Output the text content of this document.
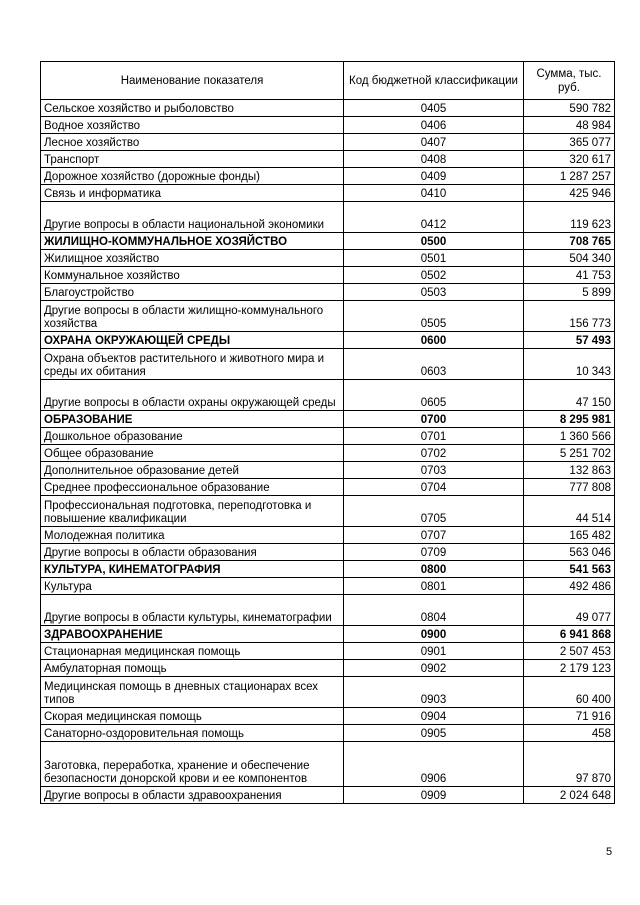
Наименование показателя	Код бюджетной классификации	Сумма, тыс. руб.
Сельское хозяйство и рыболовство	0405	590 782
Водное хозяйство	0406	48 984
Лесное хозяйство	0407	365 077
Транспорт	0408	320 617
Дорожное хозяйство (дорожные фонды)	0409	1 287 257
Связь и информатика	0410	425 946
Другие вопросы в области национальной экономики	0412	119 623
ЖИЛИЩНО-КОММУНАЛЬНОЕ ХОЗЯЙСТВО	0500	708 765
Жилищное хозяйство	0501	504 340
Коммунальное хозяйство	0502	41 753
Благоустройство	0503	5 899
Другие вопросы в области жилищно-коммунального хозяйства	0505	156 773
ОХРАНА ОКРУЖАЮЩЕЙ СРЕДЫ	0600	57 493
Охрана объектов растительного и животного мира и среды их обитания	0603	10 343
Другие вопросы в области охраны окружающей среды	0605	47 150
ОБРАЗОВАНИЕ	0700	8 295 981
Дошкольное образование	0701	1 360 566
Общее образование	0702	5 251 702
Дополнительное образование детей	0703	132 863
Среднее профессиональное образование	0704	777 808
Профессиональная подготовка, переподготовка и повышение квалификации	0705	44 514
Молодежная политика	0707	165 482
Другие вопросы в области образования	0709	563 046
КУЛЬТУРА, КИНЕМАТОГРАФИЯ	0800	541 563
Культура	0801	492 486
Другие вопросы в области культуры, кинематографии	0804	49 077
ЗДРАВООХРАНЕНИЕ	0900	6 941 868
Стационарная медицинская помощь	0901	2 507 453
Амбулаторная помощь	0902	2 179 123
Медицинская помощь в дневных стационарах всех типов	0903	60 400
Скорая медицинская помощь	0904	71 916
Санаторно-оздоровительная помощь	0905	458
Заготовка, переработка, хранение и обеспечение безопасности донорской крови и ее компонентов	0906	97 870
Другие вопросы в области здравоохранения	0909	2 024 648
5
